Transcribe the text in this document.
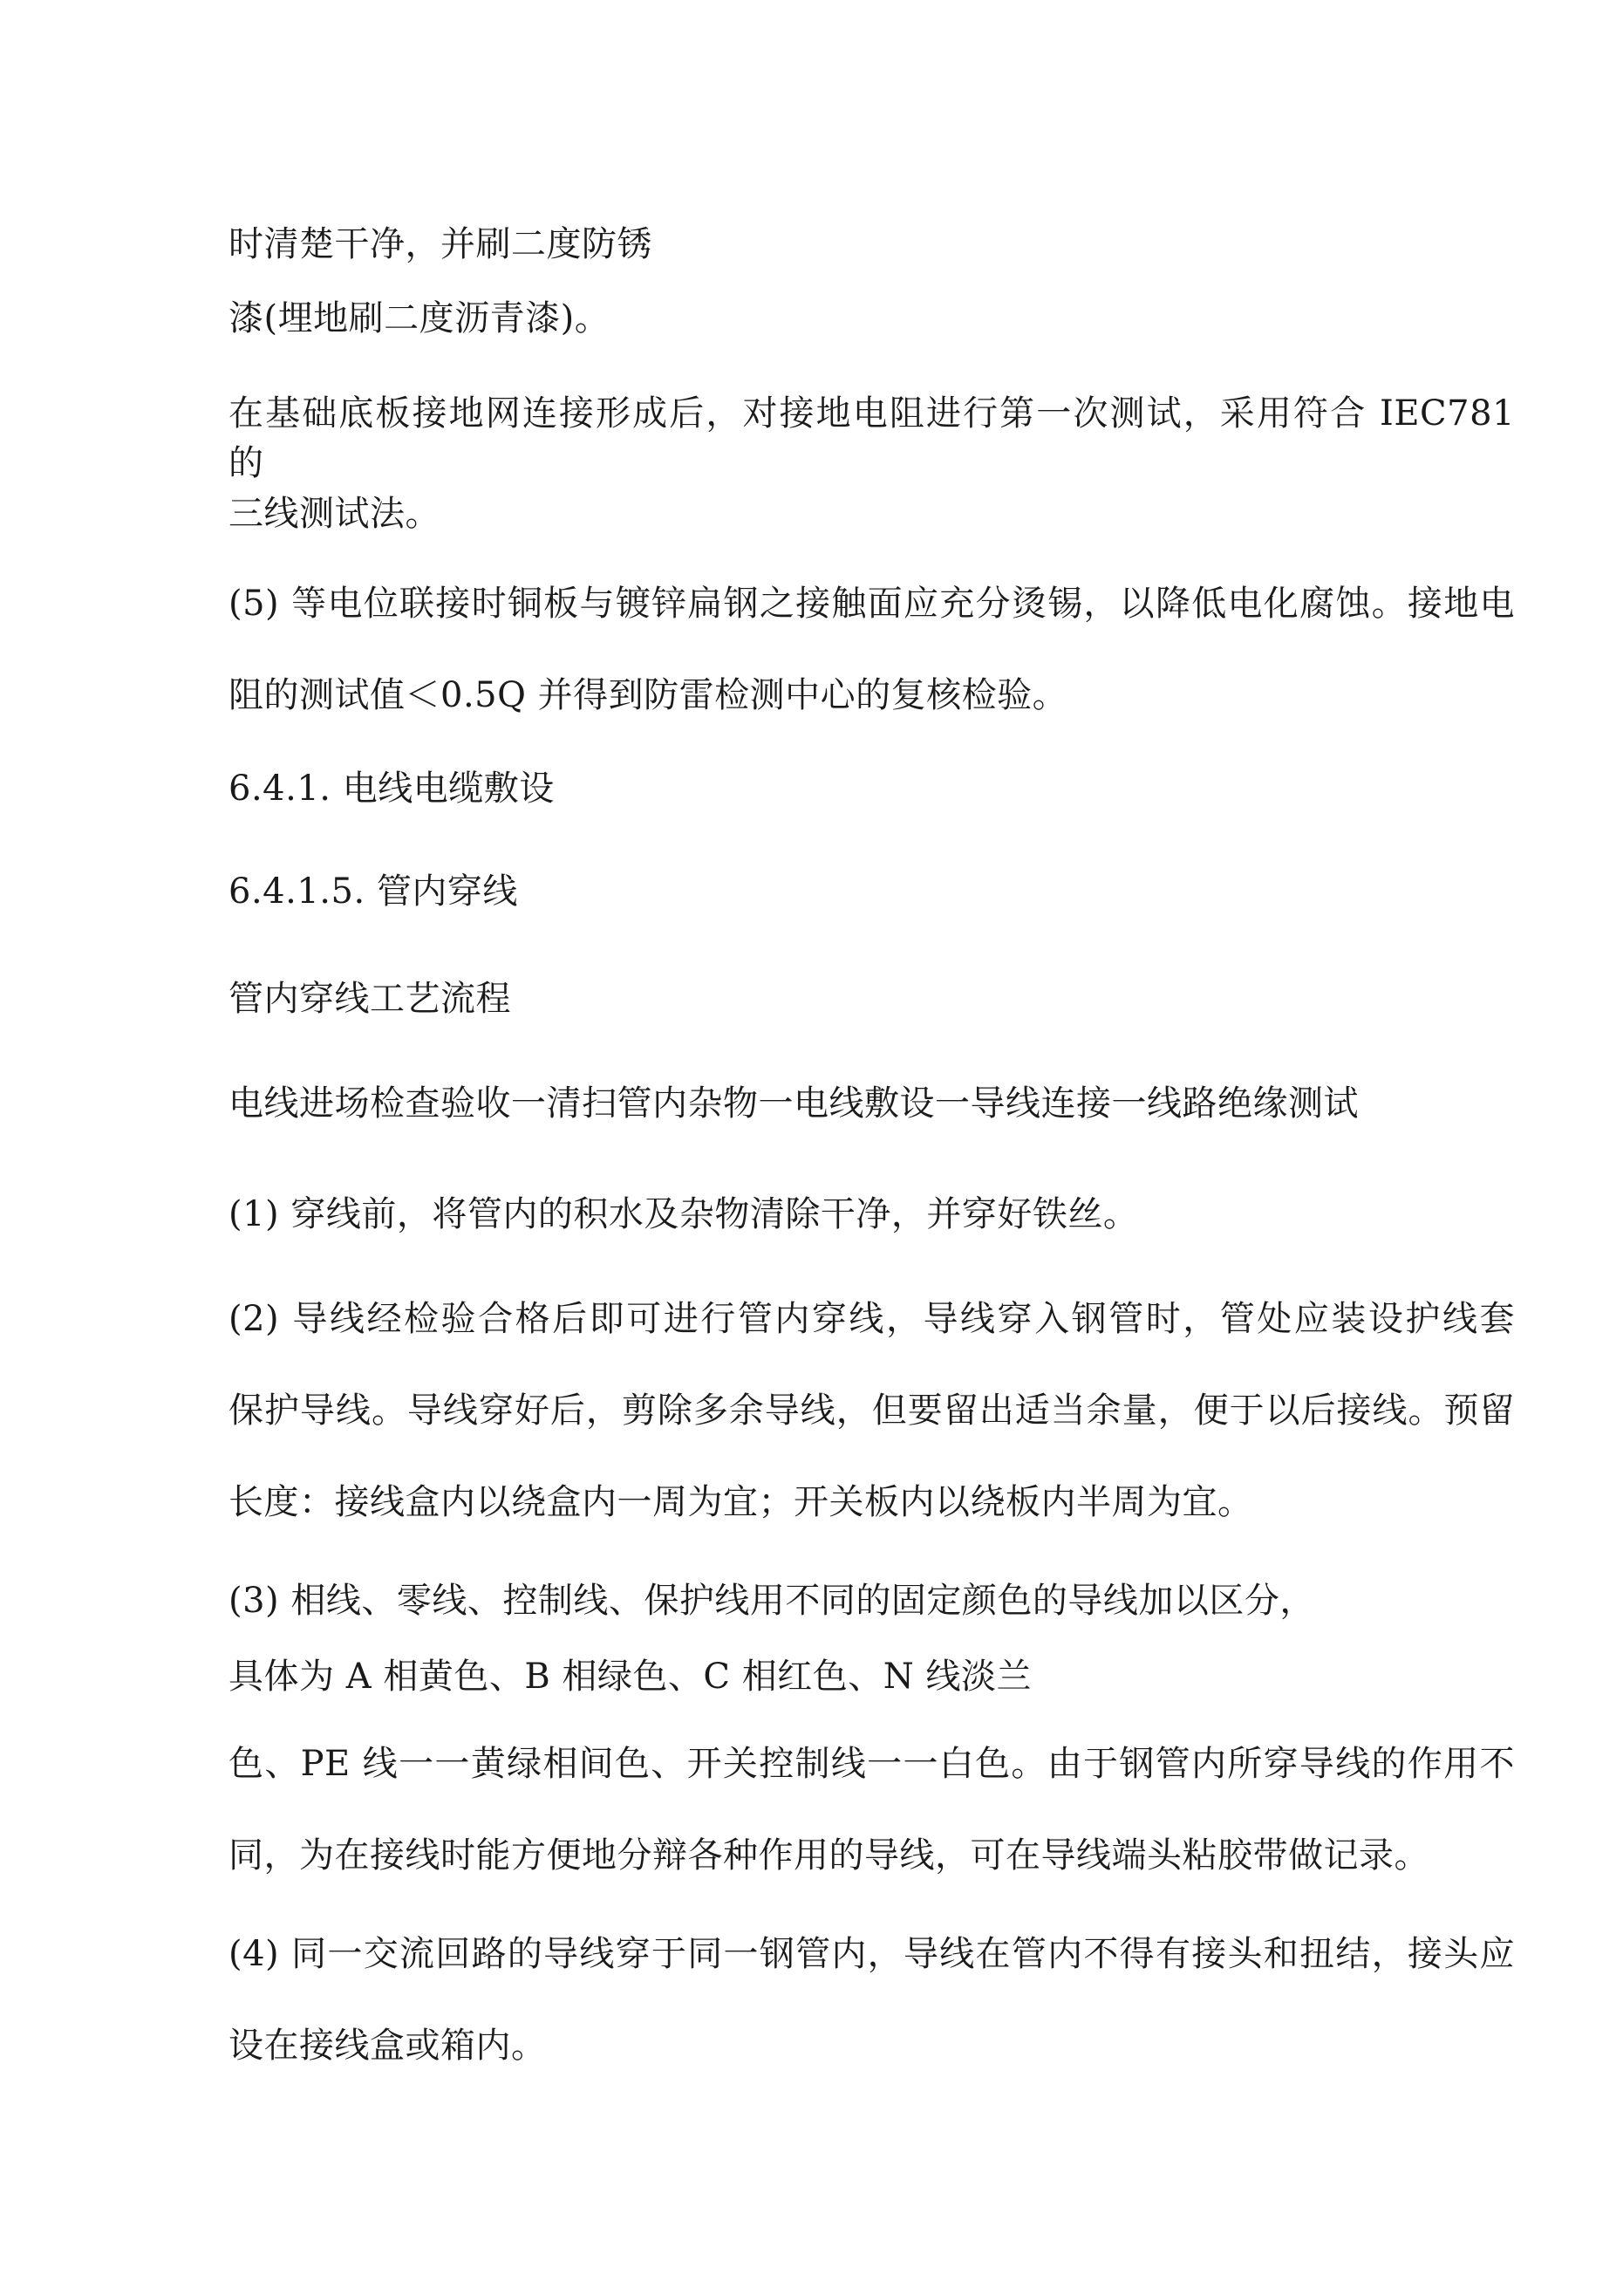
时清楚干净，并刷二度防锈
漆(埋地刷二度沥青漆)。
在基础底板接地网连接形成后，对接地电阻进行第一次测试，采用符合 IEC781 的
三线测试法。
(5) 等电位联接时铜板与镀锌扁钢之接触面应充分烫锡，以降低电化腐蚀。接地电
阻的测试值＜0.5Q 并得到防雷检测中心的复核检验。
6.4.1. 电线电缆敷设
6.4.1.5. 管内穿线
管内穿线工艺流程
电线进场检查验收一清扫管内杂物一电线敷设一导线连接一线路绝缘测试
(1) 穿线前，将管内的积水及杂物清除干净，并穿好铁丝。
(2) 导线经检验合格后即可进行管内穿线，导线穿入钢管时，管处应装设护线套
保护导线。导线穿好后，剪除多余导线，但要留出适当余量，便于以后接线。预留
长度：接线盒内以绕盒内一周为宜；开关板内以绕板内半周为宜。
(3) 相线、零线、控制线、保护线用不同的固定颜色的导线加以区分，
具体为 A 相黄色、B 相绿色、C 相红色、N 线淡兰
色、PE 线一一黄绿相间色、开关控制线一一白色。由于钢管内所穿导线的作用不
同，为在接线时能方便地分辩各种作用的导线，可在导线端头粘胶带做记录。
(4) 同一交流回路的导线穿于同一钢管内，导线在管内不得有接头和扭结，接头应
设在接线盒或箱内。
